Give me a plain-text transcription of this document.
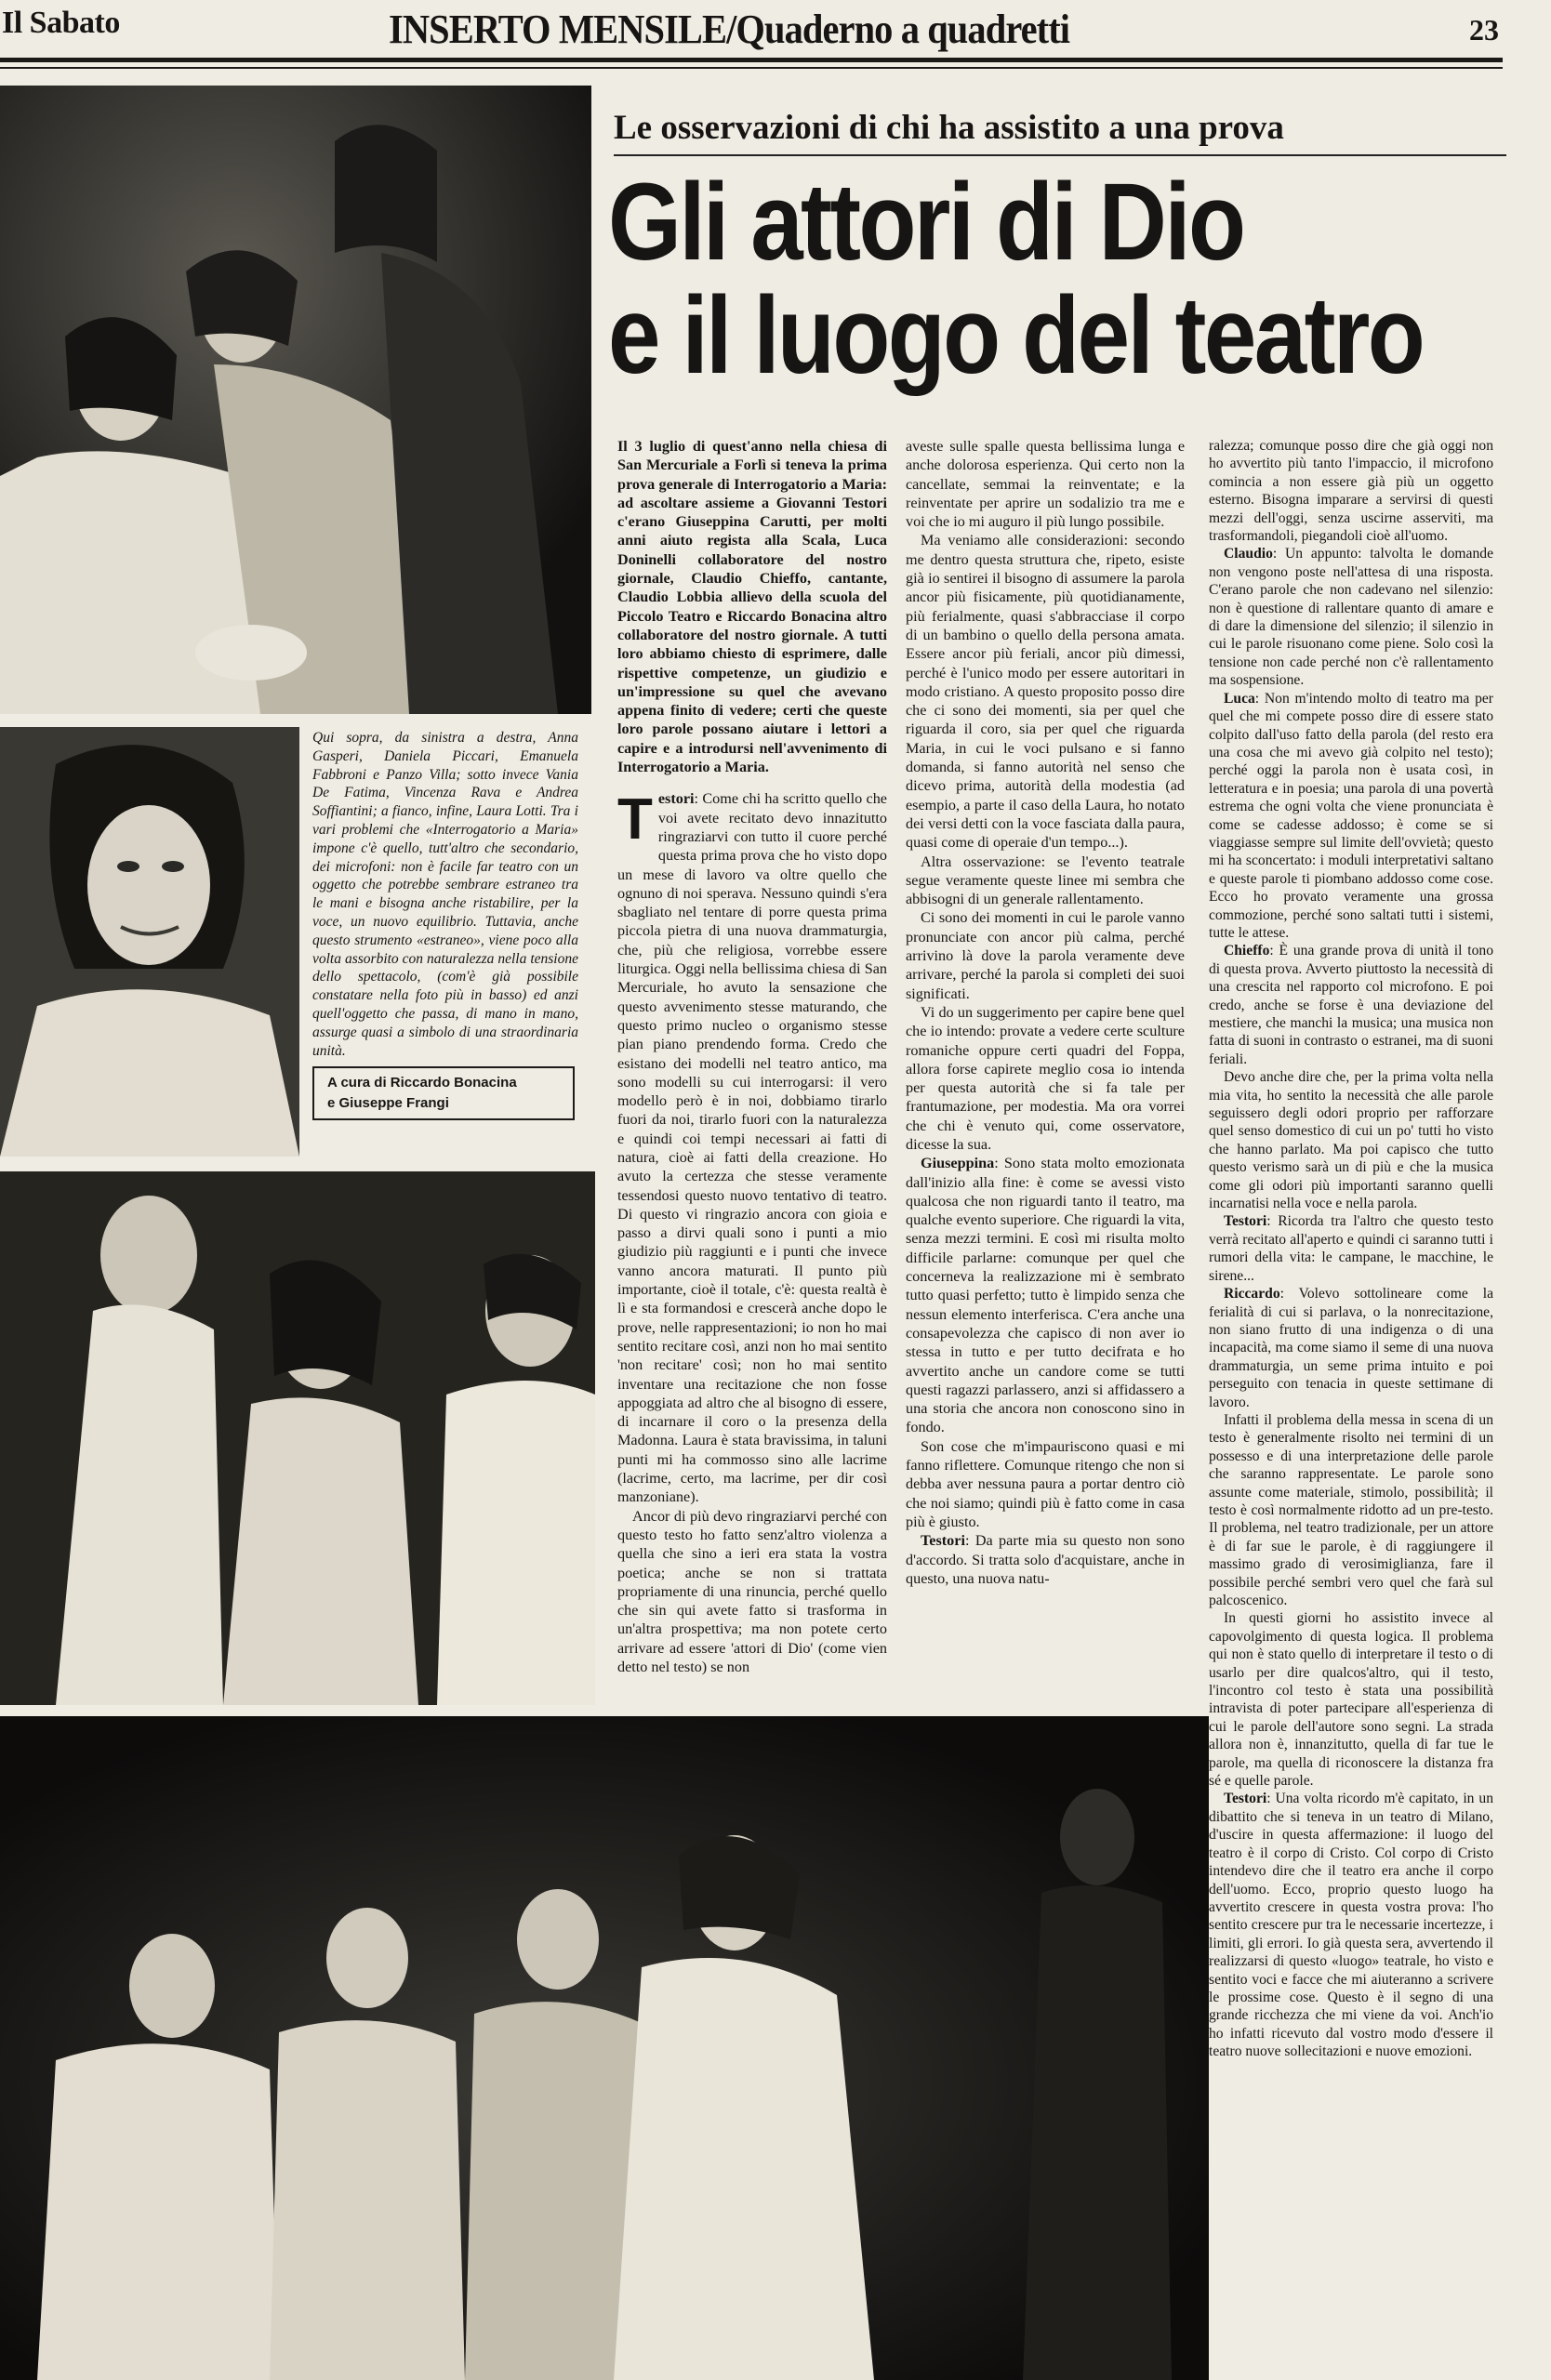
Il Sabato	INSERTO MENSILE/Quaderno a quadretti	23
Qui sopra, da sinistra a destra, Anna Gasperi, Daniela Piccari, Emanuela Fabbroni e Panzo Villa; sotto invece Vania De Fatima, Vincenza Rava e Andrea Soffiantini; a fianco, infine, Laura Lotti. Tra i vari problemi che «Interrogatorio a Maria» impone c'è quello, tutt'altro che secondario, dei microfoni: non è facile far teatro con un oggetto che potrebbe sembrare estraneo tra le mani e bisogna anche ristabilire, per la voce, un nuovo equilibrio. Tuttavia, anche questo strumento «estraneo», viene poco alla volta assorbito con naturalezza nella tensione dello spettacolo, (com'è già possibile constatare nella foto più in basso) ed anzi quell'oggetto che passa, di mano in mano, assurge quasi a simbolo di una straordinaria unità.
A cura di Riccardo Bonacina
e Giuseppe Frangi
Le osservazioni di chi ha assistito a una prova
Gli attori di Dio
e il luogo del teatro

Il 3 luglio di quest'anno nella chiesa di San Mercuriale a Forlì si teneva la prima prova generale di Interrogatorio a Maria: ad ascoltare assieme a Giovanni Testori c'erano Giuseppina Carutti, per molti anni aiuto regista alla Scala, Luca Doninelli collaboratore del nostro giornale, Claudio Chieffo, cantante, Claudio Lobbia allievo della scuola del Piccolo Teatro e Riccardo Bonacina altro collaboratore del nostro giornale. A tutti loro abbiamo chiesto di esprimere, dalle rispettive competenze, un giudizio e un'impressione su quel che avevano appena finito di vedere; certi che queste loro parole possano aiutare i lettori a capire e a introdursi nell'avvenimento di Interrogatorio a Maria.

Testori: Come chi ha scritto quello che voi avete recitato devo innazitutto ringraziarvi con tutto il cuore perché questa prima prova che ho visto dopo un mese di lavoro va oltre quello che ognuno di noi sperava. Nessuno quindi s'era sbagliato nel tentare di porre questa prima piccola pietra di una nuova drammaturgia, che, più che religiosa, vorrebbe essere liturgica. Oggi nella bellissima chiesa di San Mercuriale, ho avuto la sensazione che questo avvenimento stesse maturando, che questo primo nucleo o organismo stesse pian piano prendendo forma. Credo che esistano dei modelli nel teatro antico, ma sono modelli su cui interrogarsi: il vero modello però è in noi, dobbiamo tirarlo fuori da noi, tirarlo fuori con la naturalezza e quindi coi tempi necessari ai fatti di natura, cioè ai fatti della creazione. Ho avuto la certezza che stesse veramente tessendosi questo nuovo tentativo di teatro. Di questo vi ringrazio ancora con gioia e passo a dirvi quali sono i punti a mio giudizio più raggiunti e i punti che invece vanno ancora maturati. Il punto più importante, cioè il totale, c'è: questa realtà è lì e sta formandosi e crescerà anche dopo le prove, nelle rappresentazioni; io non ho mai sentito recitare così, anzi non ho mai sentito 'non recitare' così; non ho mai sentito inventare una recitazione che non fosse appoggiata ad altro che al bisogno di essere, di incarnare il coro o la presenza della Madonna. Laura è stata bravissima, in taluni punti mi ha commosso sino alle lacrime (lacrime, certo, ma lacrime, per dir così manzoniane).

Ancor di più devo ringraziarvi perché con questo testo ho fatto senz'altro violenza a quella che sino a ieri era stata la vostra poetica; anche se non si trattata propriamente di una rinuncia, perché quello che sin qui avete fatto si trasforma in un'altra prospettiva; ma non potete certo arrivare ad essere 'attori di Dio' (come vien detto nel testo) se non

aveste sulle spalle questa bellissima lunga e anche dolorosa esperienza. Qui certo non la cancellate, semmai la reinventate; e la reinventate per aprire un sodalizio tra me e voi che io mi auguro il più lungo possibile.

Ma veniamo alle considerazioni: secondo me dentro questa struttura che, ripeto, esiste già io sentirei il bisogno di assumere la parola ancor più fisicamente, più quotidianamente, più ferialmente, quasi s'abbracciase il corpo di un bambino o quello della persona amata. Essere ancor più feriali, ancor più dimessi, perché è l'unico modo per essere autoritari in modo cristiano. A questo proposito posso dire che ci sono dei momenti, sia per quel che riguarda il coro, sia per quel che riguarda Maria, in cui le voci pulsano e si fanno domanda, si fanno autorità nel senso che dicevo prima, autorità della modestia (ad esempio, a parte il caso della Laura, ho notato dei versi detti con la voce fasciata dalla paura, quasi come di operaie d'un tempo...).

Altra osservazione: se l'evento teatrale segue veramente queste linee mi sembra che abbisogni di un generale rallentamento.

Ci sono dei momenti in cui le parole vanno pronunciate con ancor più calma, perché arrivino là dove la parola veramente deve arrivare, perché la parola si completi dei suoi significati.

Vi do un suggerimento per capire bene quel che io intendo: provate a vedere certe sculture romaniche oppure certi quadri del Foppa, allora forse capirete meglio cosa io intenda per questa autorità che si fa tale per frantumazione, per modestia. Ma ora vorrei che chi è venuto qui, come osservatore, dicesse la sua.

Giuseppina: Sono stata molto emozionata dall'inizio alla fine: è come se avessi visto qualcosa che non riguardi tanto il teatro, ma qualche evento superiore. Che riguardi la vita, senza mezzi termini. E così mi risulta molto difficile parlarne: comunque per quel che concerneva la realizzazione mi è sembrato tutto quasi perfetto; tutto è limpido senza che nessun elemento interferisca. C'era anche una consapevolezza che capisco di non aver io stessa in tutto e per tutto decifrata e ho avvertito anche un candore come se tutti questi ragazzi parlassero, anzi si affidassero a una storia che ancora non conoscono sino in fondo.

Son cose che m'impauriscono quasi e mi fanno riflettere. Comunque ritengo che non si debba aver nessuna paura a portar dentro ciò che noi siamo; quindi più è fatto come in casa più è giusto.

Testori: Da parte mia su questo non sono d'accordo. Si tratta solo d'acquistare, anche in questo, una nuova natu-

ralezza; comunque posso dire che già oggi non ho avvertito più tanto l'impaccio, il microfono comincia a non essere già più un oggetto esterno. Bisogna imparare a servirsi di questi mezzi dell'oggi, senza uscirne asserviti, ma trasformandoli, piegandoli cioè all'uomo.

Claudio: Un appunto: talvolta le domande non vengono poste nell'attesa di una risposta. C'erano parole che non cadevano nel silenzio: non è questione di rallentare quanto di amare e di dare la dimensione del silenzio; il silenzio in cui le parole risuonano come piene. Solo così la tensione non cade perché non c'è rallentamento ma sospensione.

Luca: Non m'intendo molto di teatro ma per quel che mi compete posso dire di essere stato colpito dall'uso fatto della parola (del resto era una cosa che mi avevo già colpito nel testo); perché oggi la parola non è usata così, in letteratura e in poesia; una parola di una povertà estrema che ogni volta che viene pronunciata è come se cadesse addosso; è come se si viaggiasse sempre sul limite dell'ovvietà; questo mi ha sconcertato: i moduli interpretativi saltano e queste parole ti piombano addosso come cose. Ecco ho provato veramente una grossa commozione, perché sono saltati tutti i sistemi, tutte le attese.

Chieffo: È una grande prova di unità il tono di questa prova. Avverto piuttosto la necessità di una crescita nel rapporto col microfono. E poi credo, anche se forse è una deviazione del mestiere, che manchi la musica; una musica non fatta di suoni in contrasto o estranei, ma di suoni feriali.

Devo anche dire che, per la prima volta nella mia vita, ho sentito la necessità che alle parole seguissero degli odori proprio per rafforzare quel senso domestico di cui un po' tutti ho visto che hanno parlato. Ma poi capisco che tutto questo verismo sarà un di più e che la musica come gli odori più importanti saranno quelli incarnatisi nella voce e nella parola.

Testori: Ricorda tra l'altro che questo testo verrà recitato all'aperto e quindi ci saranno tutti i rumori della vita: le campane, le macchine, le sirene...

Riccardo: Volevo sottolineare come la ferialità di cui si parlava, o la nonrecitazione, non siano frutto di una indigenza o di una incapacità, ma come siamo il seme di una nuova drammaturgia, un seme prima intuito e poi perseguito con tenacia in queste settimane di lavoro.

Infatti il problema della messa in scena di un testo è generalmente risolto nei termini di un possesso e di una interpretazione delle parole che saranno rappresentate. Le parole sono assunte come materiale, stimolo, possibilità; il testo è così normalmente ridotto ad un pre-testo. Il problema, nel teatro tradizionale, per un attore è di far sue le parole, è di raggiungere il massimo grado di verosimiglianza, fare il possibile perché sembri vero quel che farà sul palcoscenico.

In questi giorni ho assistito invece al capovolgimento di questa logica. Il problema qui non è stato quello di interpretare il testo o di usarlo per dire qualcos'altro, qui il testo, l'incontro col testo è stata una possibilità intravista di poter partecipare all'esperienza di cui le parole dell'autore sono segni. La strada allora non è, innanzitutto, quella di far tue le parole, ma quella di riconoscere la distanza fra sé e quelle parole.

Testori: Una volta ricordo m'è capitato, in un dibattito che si teneva in un teatro di Milano, d'uscire in questa affermazione: il luogo del teatro è il corpo di Cristo. Col corpo di Cristo intendevo dire che il teatro era anche il corpo dell'uomo. Ecco, proprio questo luogo ha avvertito crescere in questa vostra prova: l'ho sentito crescere pur tra le necessarie incertezze, i limiti, gli errori. Io già questa sera, avvertendo il realizzarsi di questo «luogo» teatrale, ho visto e sentito voci e facce che mi aiuteranno a scrivere le prossime cose. Questo è il segno di una grande ricchezza che mi viene da voi. Anch'io ho infatti ricevuto dal vostro modo d'essere il teatro nuove sollecitazioni e nuove emozioni.
